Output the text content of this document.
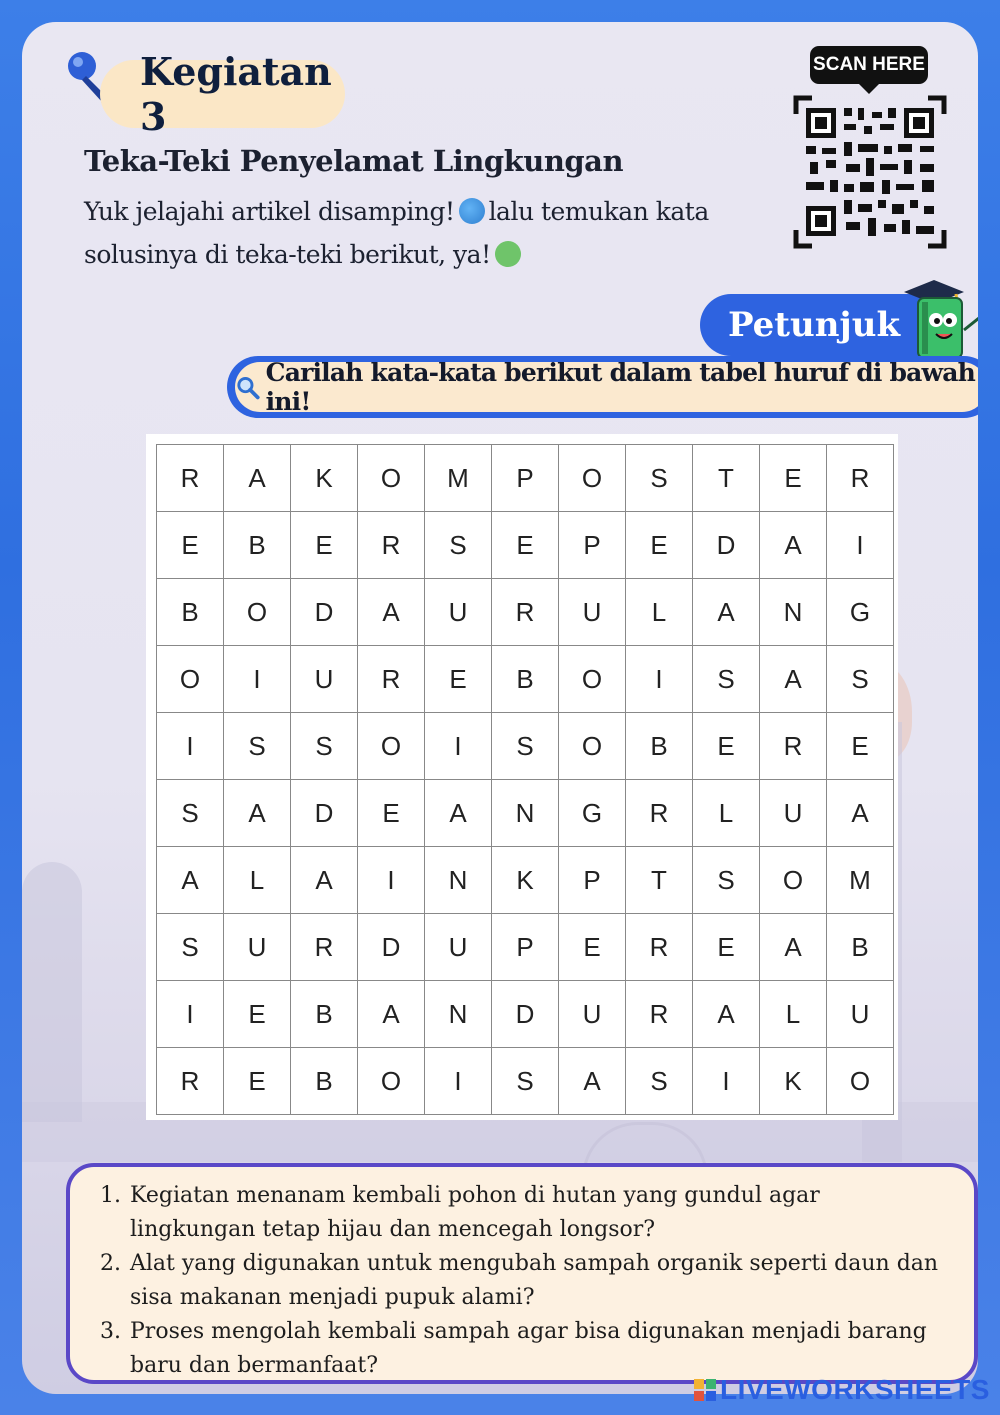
Kegiatan 3
Teka-Teki Penyelamat Lingkungan
Yuk jelajahi artikel disamping! lalu temukan kata
solusinya di teka-teki berikut, ya!
SCAN HERE
Petunjuk
Carilah kata-kata berikut dalam tabel huruf di bawah ini!
R	A	K	O	M	P	O	S	T	E	R
E	B	E	R	S	E	P	E	D	A	I
B	O	D	A	U	R	U	L	A	N	G
O	I	U	R	E	B	O	I	S	A	S
I	S	S	O	I	S	O	B	E	R	E
S	A	D	E	A	N	G	R	L	U	A
A	L	A	I	N	K	P	T	S	O	M
S	U	R	D	U	P	E	R	E	A	B
I	E	B	A	N	D	U	R	A	L	U
R	E	B	O	I	S	A	S	I	K	O
1. Kegiatan menanam kembali pohon di hutan yang gundul agar lingkungan tetap hijau dan mencegah longsor?
2. Alat yang digunakan untuk mengubah sampah organik seperti daun dan sisa makanan menjadi pupuk alami?
3. Proses mengolah kembali sampah agar bisa digunakan menjadi barang baru dan bermanfaat?
LIVEWORKSHEETS
